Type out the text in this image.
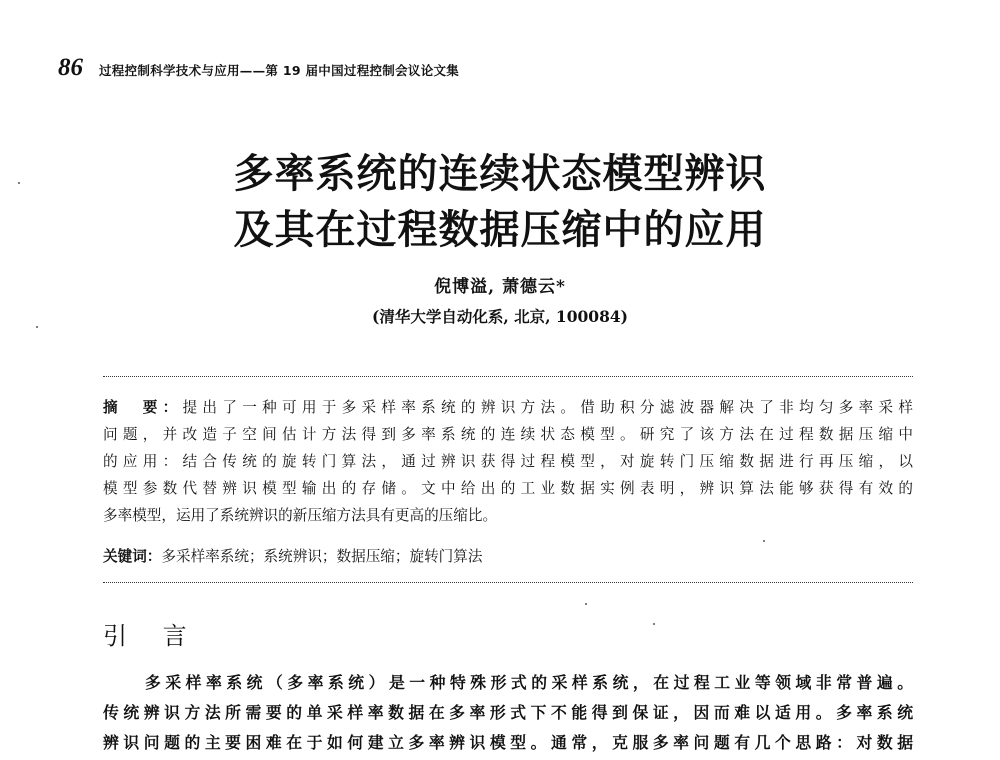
86 过程控制科学技术与应用——第 19 届中国过程控制会议论文集
多率系统的连续状态模型辨识
及其在过程数据压缩中的应用
倪博溢, 萧德云*
(清华大学自动化系, 北京, 100084)
摘　要：提出了一种可用于多采样率系统的辨识方法。借助积分滤波器解决了非均匀多率采样
问题，并改造子空间估计方法得到多率系统的连续状态模型。研究了该方法在过程数据压缩中
的应用：结合传统的旋转门算法，通过辨识获得过程模型，对旋转门压缩数据进行再压缩，以
模型参数代替辨识模型输出的存储。文中给出的工业数据实例表明，辨识算法能够获得有效的
多率模型，运用了系统辨识的新压缩方法具有更高的压缩比。
关键词：多采样率系统；系统辨识；数据压缩；旋转门算法
引 言
多采样率系统（多率系统）是一种特殊形式的采样系统，在过程工业等领域非常普遍。
传统辨识方法所需要的单采样率数据在多率形式下不能得到保证，因而难以适用。多率系统
辨识问题的主要困难在于如何建立多率辨识模型。通常，克服多率问题有几个思路：对数据
